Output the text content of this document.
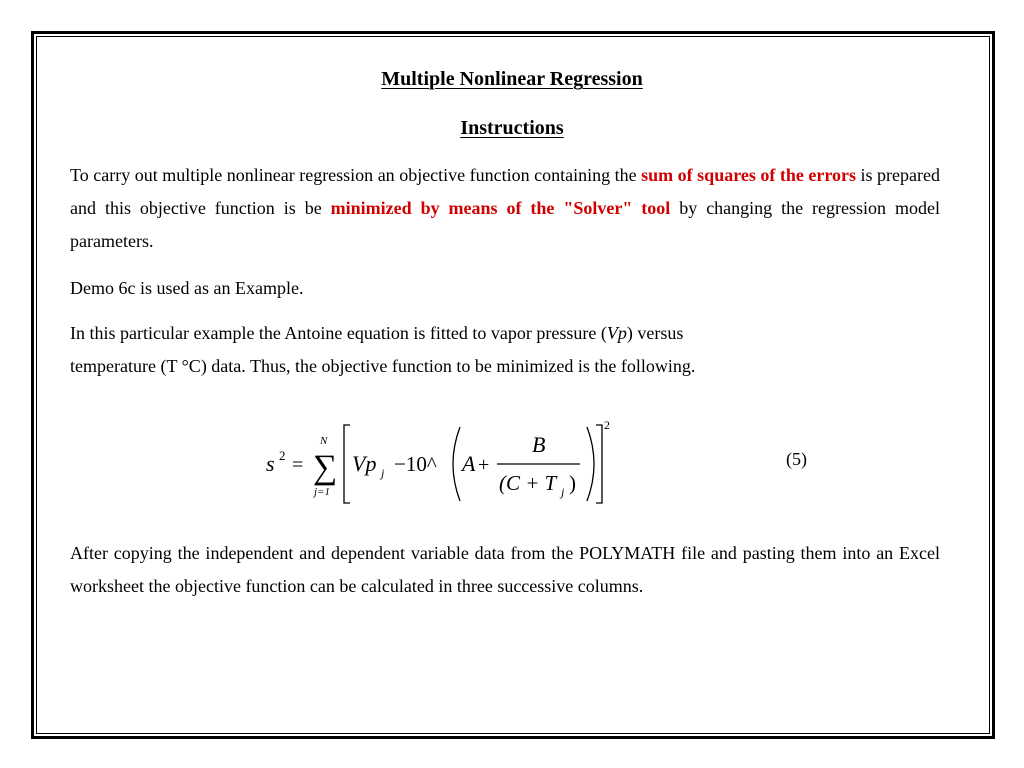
Multiple Nonlinear Regression
Instructions

To carry out multiple nonlinear regression an objective function containing the sum of squares of the errors is prepared and this objective function is be minimized by means of the "Solver" tool by changing the regression model parameters.

Demo 6c is used as an Example.

In this particular example the Antoine equation is fitted to vapor pressure (Vp) versus
temperature (T °C) data. Thus, the objective function to be minimized is the following.

s 2 =
N
∑
j=1
2
Vp j −10^ A +
B
(C + T j )
(5)

After copying the independent and dependent variable data from the POLYMATH file and pasting them into an Excel worksheet the objective function can be calculated in three successive columns.
